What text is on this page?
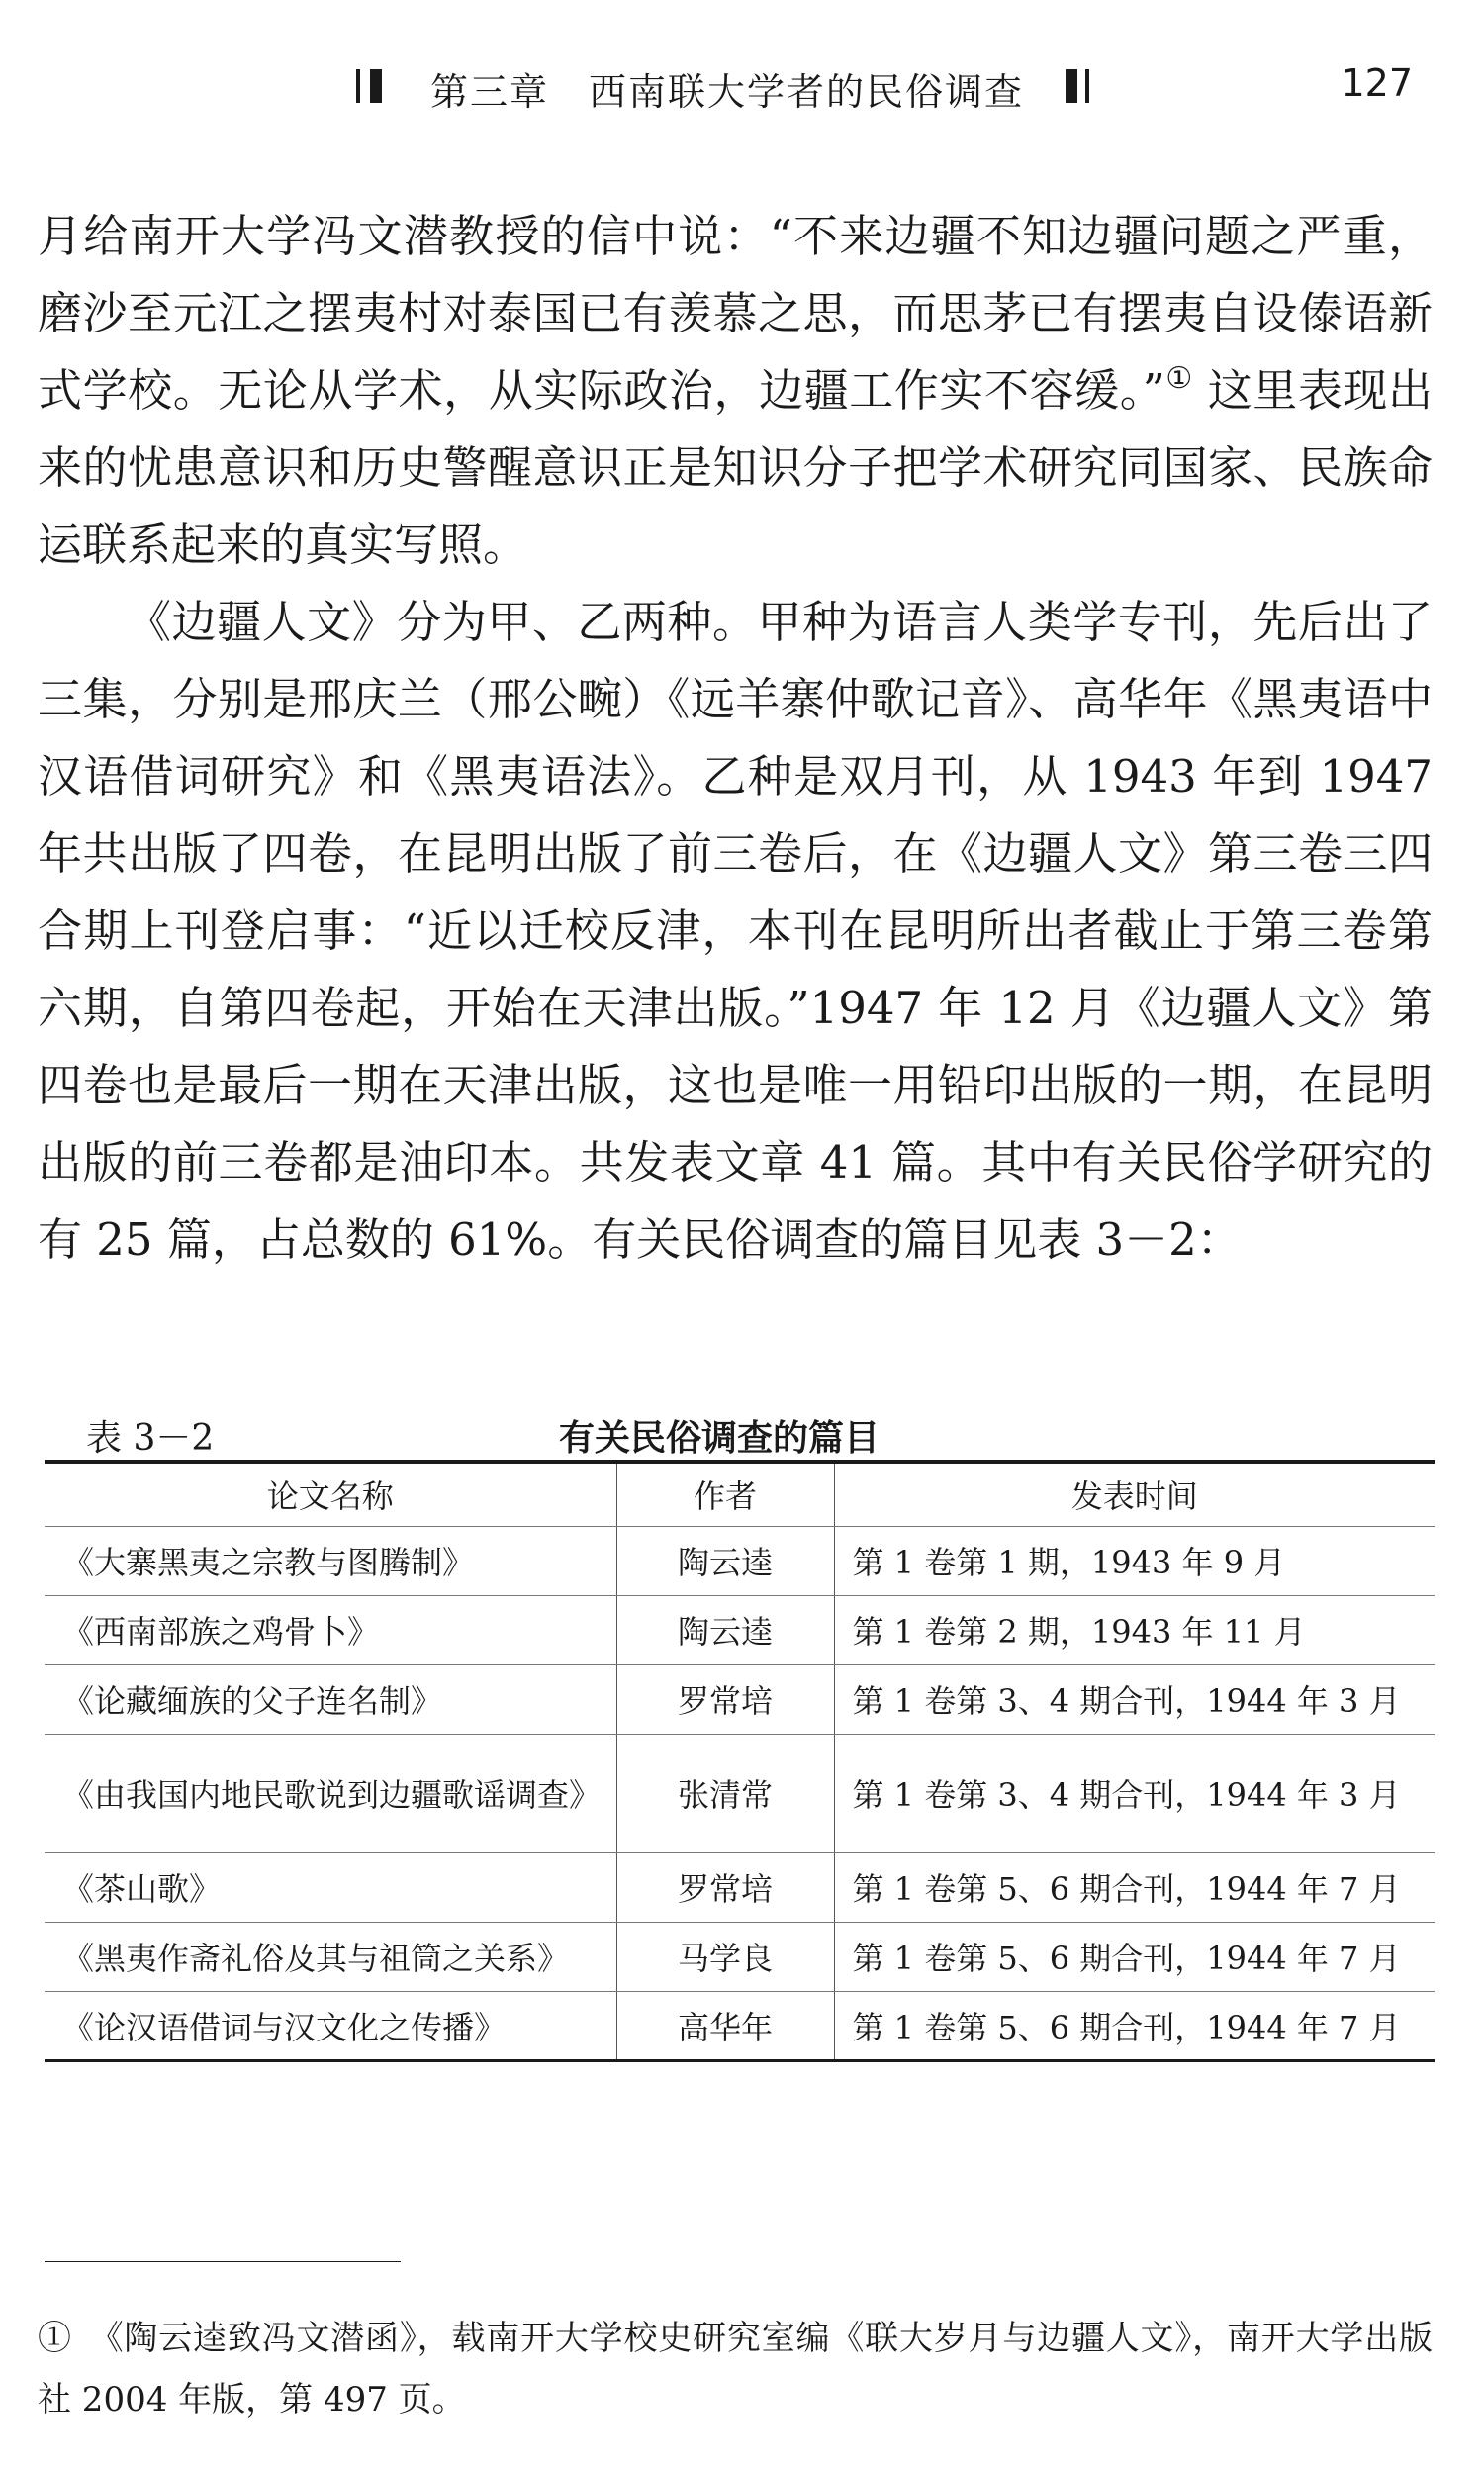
第三章　西南联大学者的民俗调查	127

月给南开大学冯文潜教授的信中说：“不来边疆不知边疆问题之严重，磨沙至元江之摆夷村对泰国已有羡慕之思，而思茅已有摆夷自设傣语新式学校。无论从学术，从实际政治，边疆工作实不容缓。”① 这里表现出来的忧患意识和历史警醒意识正是知识分子把学术研究同国家、民族命运联系起来的真实写照。

《边疆人文》分为甲、乙两种。甲种为语言人类学专刊，先后出了三集，分别是邢庆兰（邢公畹）《远羊寨仲歌记音》、高华年《黑夷语中汉语借词研究》和《黑夷语法》。乙种是双月刊，从 1943 年到 1947 年共出版了四卷，在昆明出版了前三卷后，在《边疆人文》第三卷三四合期上刊登启事：“近以迁校反津，本刊在昆明所出者截止于第三卷第六期，自第四卷起，开始在天津出版。”1947 年 12 月《边疆人文》第四卷也是最后一期在天津出版，这也是唯一用铅印出版的一期，在昆明出版的前三卷都是油印本。共发表文章 41 篇。其中有关民俗学研究的有 25 篇，占总数的 61%。有关民俗调查的篇目见表 3－2：

表 3－2	有关民俗调查的篇目
论文名称	作者	发表时间
《大寨黑夷之宗教与图腾制》	陶云逵	第 1 卷第 1 期，1943 年 9 月
《西南部族之鸡骨卜》	陶云逵	第 1 卷第 2 期，1943 年 11 月
《论藏缅族的父子连名制》	罗常培	第 1 卷第 3、4 期合刊，1944 年 3 月
《由我国内地民歌说到边疆歌谣调查》	张清常	第 1 卷第 3、4 期合刊，1944 年 3 月
《茶山歌》	罗常培	第 1 卷第 5、6 期合刊，1944 年 7 月
《黑夷作斋礼俗及其与祖筒之关系》	马学良	第 1 卷第 5、6 期合刊，1944 年 7 月
《论汉语借词与汉文化之传播》	高华年	第 1 卷第 5、6 期合刊，1944 年 7 月
①　《陶云逵致冯文潜函》，载南开大学校史研究室编《联大岁月与边疆人文》，南开大学出版社 2004 年版，第 497 页。
